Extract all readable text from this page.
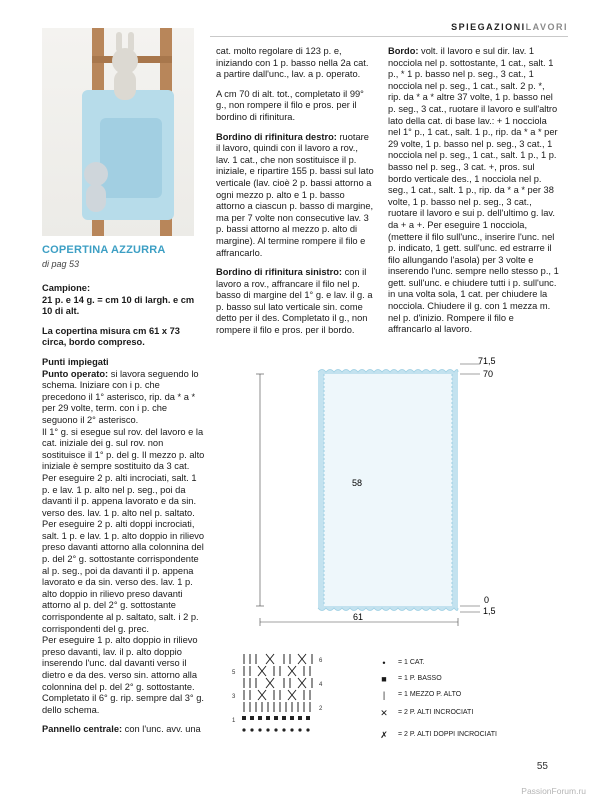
SPIEGAZIONILAVORI
COPERTINA AZZURRA
di pag 53

Campione:
21 p. e 14 g. = cm 10 di largh. e cm 10 di alt.

La copertina misura cm 61 x 73 circa, bordo compreso.

Punti impiegati

Punto operato: si lavora seguendo lo schema. Iniziare con i p. che precedono il 1° asterisco, rip. da * a * per 29 volte, term. con i p. che seguono il 2° asterisco.

Il 1° g. si esegue sul rov. del lavoro e la cat. iniziale dei g. sul rov. non sostituisce il 1° p. del g. Il mezzo p. alto iniziale è sempre sostituito da 3 cat. Per eseguire 2 p. alti incrociati, salt. 1 p. e lav. 1 p. alto nel p. seg., poi da davanti il p. appena lavorato e da sin. verso des. lav. 1 p. alto nel p. saltato.

Per eseguire 2 p. alti doppi incrociati, salt. 1 p. e lav. 1 p. alto doppio in rilievo preso davanti attorno alla colonnina del p. del 2° g. sottostante corrispondente al p. seg., poi da davanti il p. appena lavorato e da sin. verso des. lav. 1 p. alto doppio in rilievo preso davanti attorno al p. del 2° g. sottostante corrispondente al p. saltato, salt. i 2 p. corrispondenti del g. prec.

Per eseguire 1 p. alto doppio in rilievo preso davanti, lav. il p. alto doppio inserendo l'unc. dal davanti verso il dietro e da des. verso sin. attorno alla colonnina del p. del 2° g. sottostante. Completato il 6° g. rip. sempre dal 3° g. dello schema.

Pannello centrale: con l'unc. avv. una

cat. molto regolare di 123 p. e, iniziando con 1 p. basso nella 2a cat. a partire dall'unc., lav. a p. operato.

A cm 70 di alt. tot., completato il 99° g., non rompere il filo e pros. per il bordino di rifinitura.

Bordino di rifinitura destro: ruotare il lavoro, quindi con il lavoro a rov., lav. 1 cat., che non sostituisce il p. iniziale, e ripartire 155 p. bassi sul lato verticale (lav. cioè 2 p. bassi attorno a ogni mezzo p. alto e 1 p. basso attorno a ciascun p. basso di margine, ma per 7 volte non consecutive lav. 3 p. bassi attorno al mezzo p. alto di margine). Al termine rompere il filo e affrancarlo.

Bordino di rifinitura sinistro: con il lavoro a rov., affrancare il filo nel p. basso di margine del 1° g. e lav. il g. a p. basso sul lato verticale sin. come detto per il des. Completato il g., non rompere il filo e pros. per il bordo.

Bordo: volt. il lavoro e sul dir. lav. 1 nocciola nel p. sottostante, 1 cat., salt. 1 p., * 1 p. basso nel p. seg., 3 cat., 1 nocciola nel p. seg., 1 cat., salt. 2 p. *, rip. da * a * altre 37 volte, 1 p. basso nel p. seg., 3 cat., ruotare il lavoro e sull'altro lato della cat. di base lav.: + 1 nocciola nel 1° p., 1 cat., salt. 1 p., rip. da * a * per 29 volte, 1 p. basso nel p. seg., 3 cat., 1 nocciola nel p. seg., 1 cat., salt. 1 p., 1 p. basso nel p. seg., 3 cat. +, pros. sul bordo verticale des., 1 nocciola nel p. seg., 1 cat., salt. 1 p., rip. da * a * per 38 volte, 1 p. basso nel p. seg., 3 cat., ruotare il lavoro e sui p. dell'ultimo g. lav. da + a +. Per eseguire 1 nocciola, (mettere il filo sull'unc., inserire l'unc. nel p. indicato, 1 gett. sull'unc. ed estrarre il filo allungando l'asola) per 3 volte e inserendo l'unc. sempre nello stesso p., 1 gett. sull'unc. e chiudere tutti i p. sull'unc. in una volta sola, 1 cat. per chiudere la nocciola. Chiudere il g. con 1 mezza m. nel p. d'inizio. Rompere il filo e affrancarlo al lavoro.

71,5
70
58
0
1,5
61
6
5
4
3
2
1
•	= 1 CAT.
■	= 1 P. BASSO
|	= 1 MEZZO P. ALTO
✕	= 2 P. ALTI INCROCIATI
✗	= 2 P. ALTI DOPPI INCROCIATI
55
PassionForum.ru
